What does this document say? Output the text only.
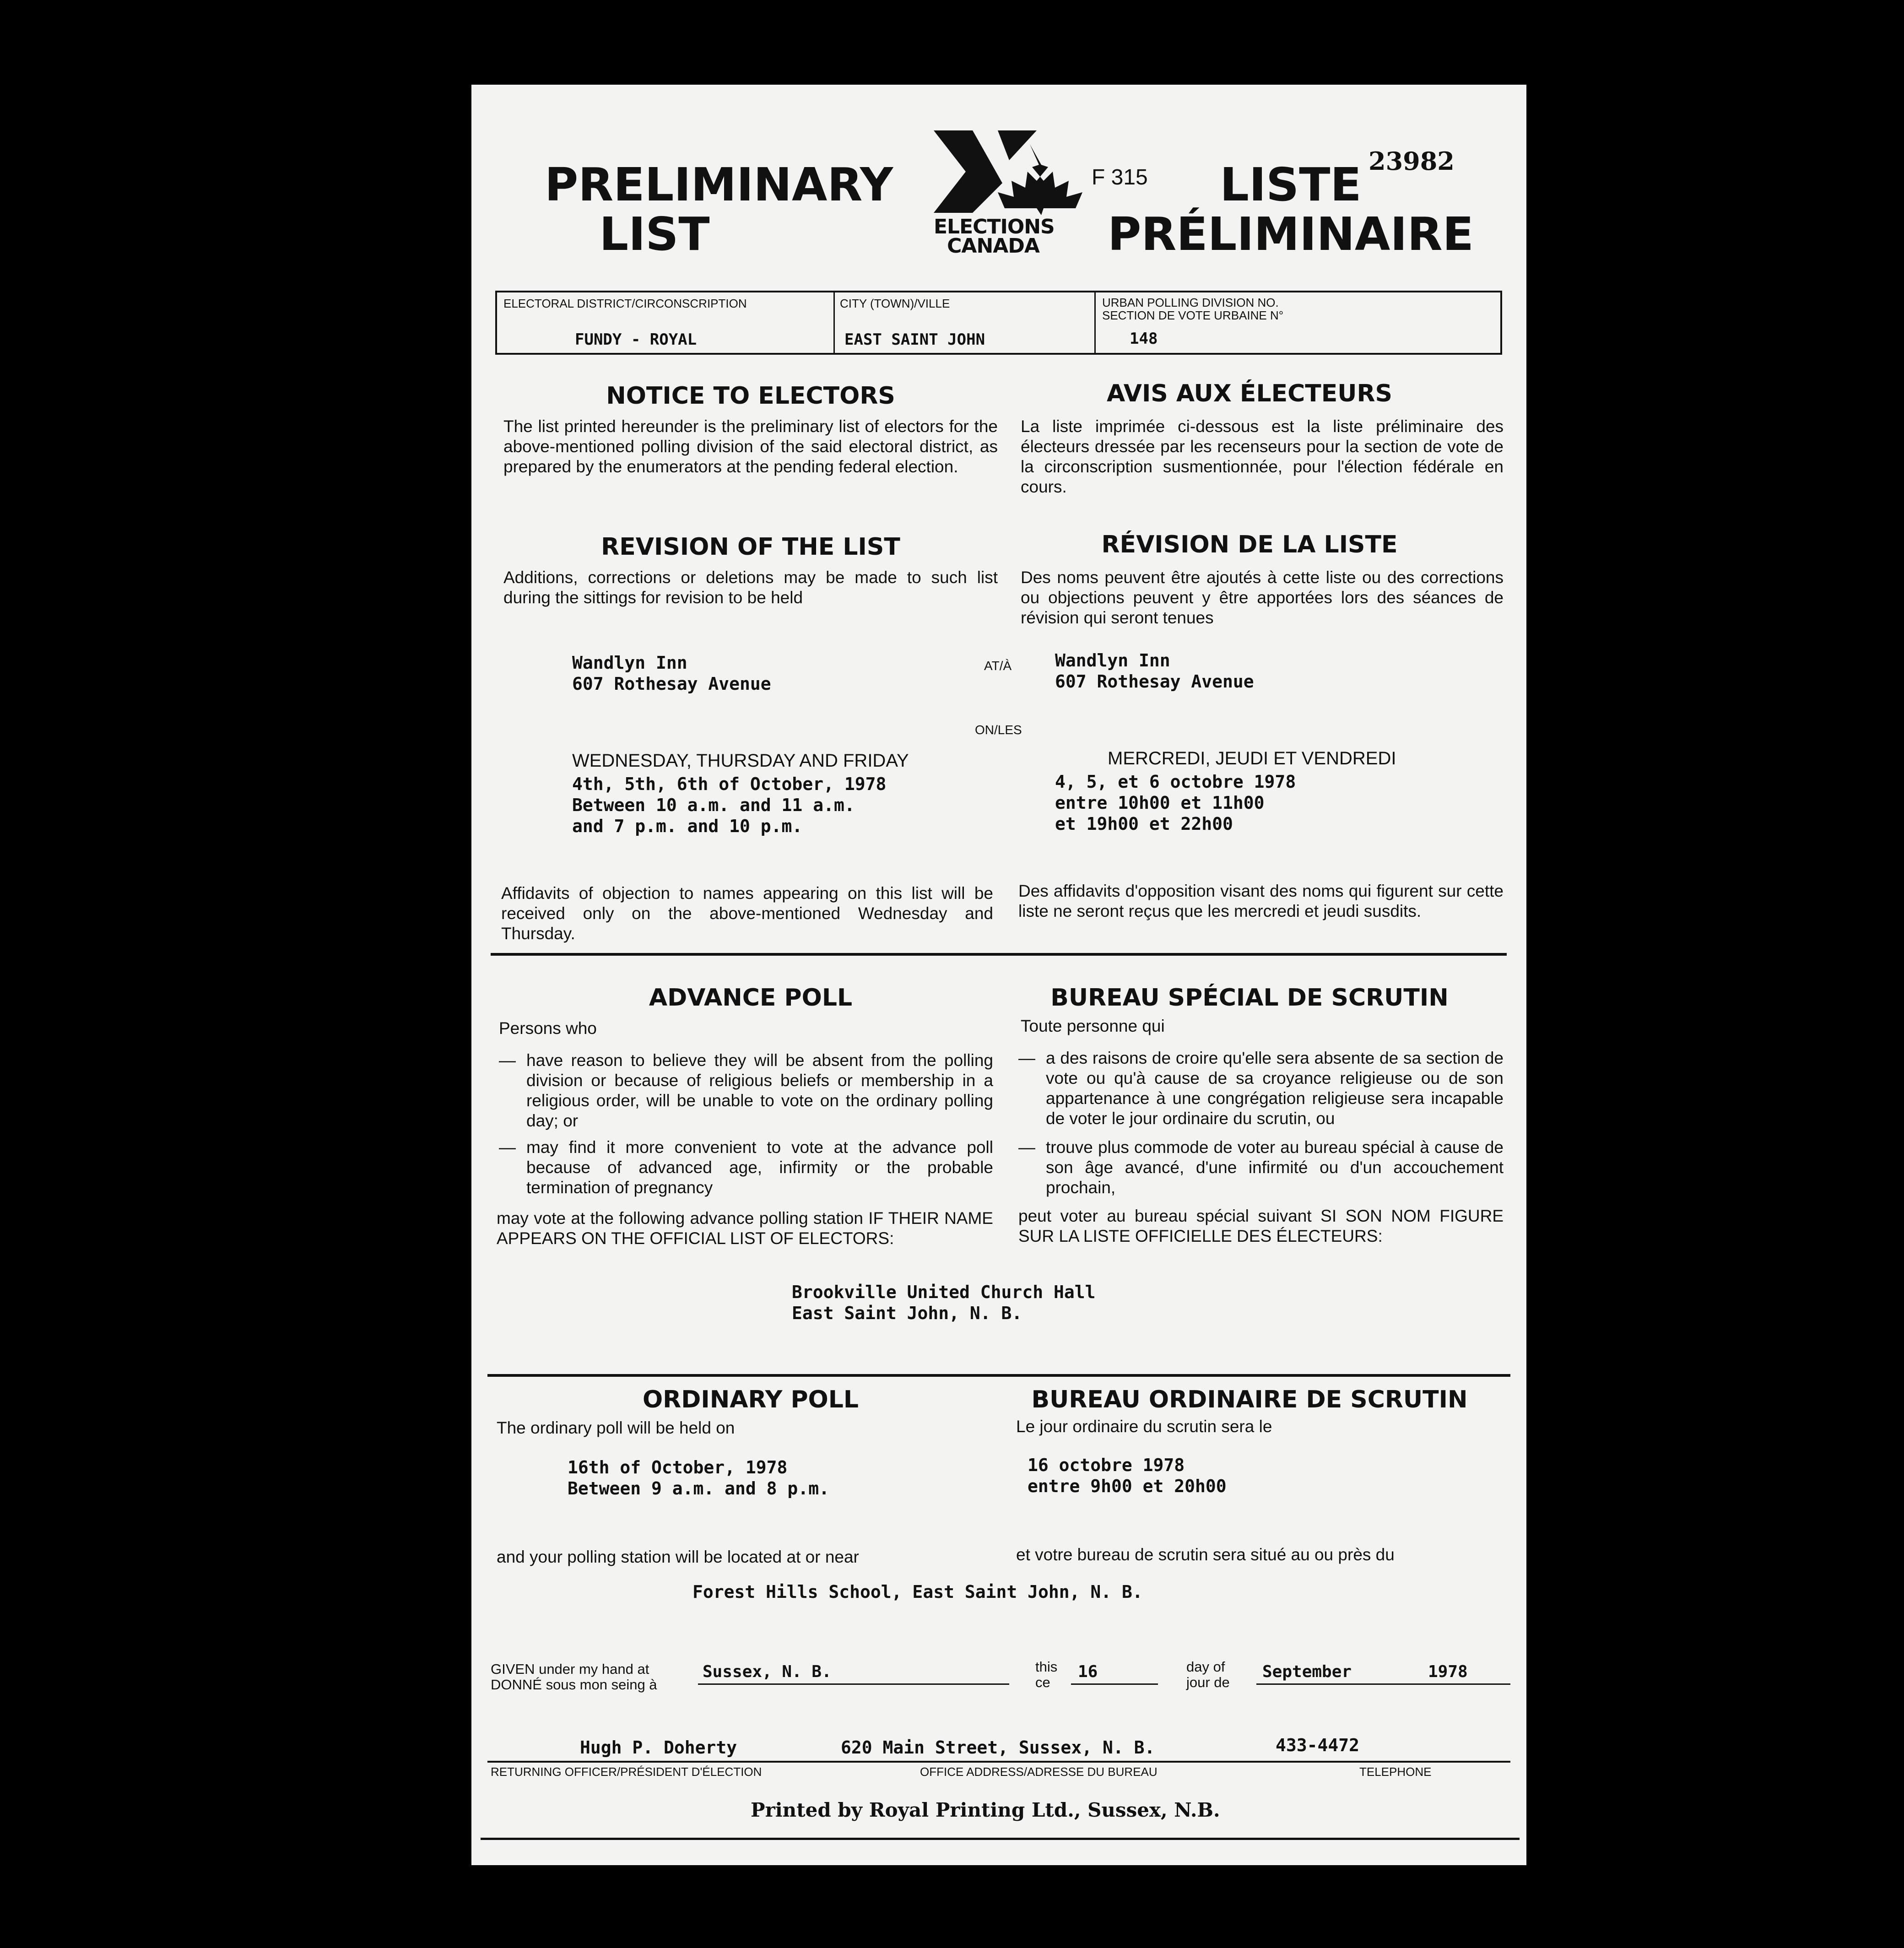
PRELIMINARY
LIST	ELECTIONS
CANADA
F 315
23982
LISTE
PRÉLIMINAIRE
ELECTORAL DISTRICT/CIRCONSCRIPTION
FUNDY - ROYAL
CITY (TOWN)/VILLE
EAST SAINT JOHN
URBAN POLLING DIVISION NO.
SECTION DE VOTE URBAINE N°
148
NOTICE TO ELECTORS
The list printed hereunder is the preliminary list of electors for the above-mentioned polling division of the said electoral district, as prepared by the enumerators at the pending federal election.
AVIS AUX ÉLECTEURS
La liste imprimée ci-dessous est la liste préliminaire des électeurs dressée par les recenseurs pour la section de vote de la circonscription susmentionnée, pour l'élection fédérale en cours.
REVISION OF THE LIST
Additions, corrections or deletions may be made to such list during the sittings for revision to be held
RÉVISION DE LA LISTE
Des noms peuvent être ajoutés à cette liste ou des corrections ou objections peuvent y être apportées lors des séances de révision qui seront tenues
Wandlyn Inn
607 Rothesay Avenue
AT/À Wandlyn Inn
607 Rothesay Avenue
ON/LES
WEDNESDAY, THURSDAY AND FRIDAY
4th, 5th, 6th of October, 1978
Between 10 a.m. and 11 a.m.
and 7 p.m. and 10 p.m.
MERCREDI, JEUDI ET VENDREDI
4, 5, et 6 octobre 1978
entre 10h00 et 11h00
et 19h00 et 22h00
Affidavits of objection to names appearing on this list will be received only on the above-mentioned Wednesday and Thursday.
Des affidavits d'opposition visant des noms qui figurent sur cette liste ne seront reçus que les mercredi et jeudi susdits.
ADVANCE POLL
Persons who
— have reason to believe they will be absent from the polling division or because of religious beliefs or membership in a religious order, will be unable to vote on the ordinary polling day; or
— may find it more convenient to vote at the advance poll because of advanced age, infirmity or the probable termination of pregnancy
may vote at the following advance polling station IF THEIR NAME APPEARS ON THE OFFICIAL LIST OF ELECTORS:
BUREAU SPÉCIAL DE SCRUTIN
Toute personne qui
— a des raisons de croire qu'elle sera absente de sa section de vote ou qu'à cause de sa croyance religieuse ou de son appartenance à une congrégation religieuse sera incapable de voter le jour ordinaire du scrutin, ou
— trouve plus commode de voter au bureau spécial à cause de son âge avancé, d'une infirmité ou d'un accouchement prochain,
peut voter au bureau spécial suivant SI SON NOM FIGURE SUR LA LISTE OFFICIELLE DES ÉLECTEURS:
Brookville United Church Hall
East Saint John, N. B.
ORDINARY POLL
The ordinary poll will be held on
16th of October, 1978
Between 9 a.m. and 8 p.m.
BUREAU ORDINAIRE DE SCRUTIN
Le jour ordinaire du scrutin sera le
16 octobre 1978
entre 9h00 et 20h00
and your polling station will be located at or near	et votre bureau de scrutin sera situé au ou près du
Forest Hills School, East Saint John, N. B.
GIVEN under my hand at
DONNÉ sous mon seing à
Sussex, N. B.	this
ce
16	day of
jour de
September	1978
Hugh P. Doherty	620 Main Street, Sussex, N. B.	433-4472
RETURNING OFFICER/PRÉSIDENT D'ÉLECTION	OFFICE ADDRESS/ADRESSE DU BUREAU	TELEPHONE
Printed by Royal Printing Ltd., Sussex, N.B.
